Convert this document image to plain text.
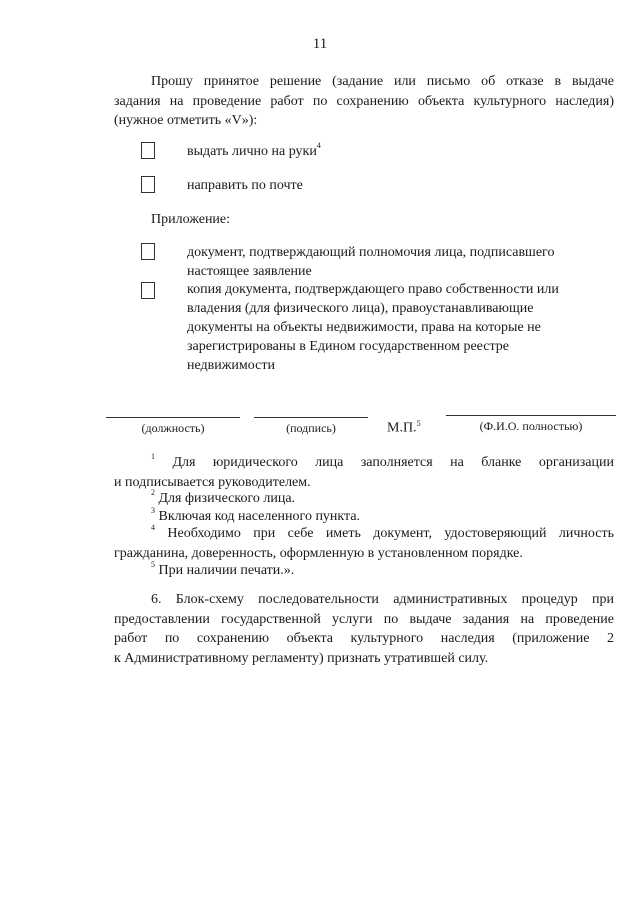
11
Прошу принятое решение (задание или письмо об отказе в выдаче
задания на проведение работ по сохранению объекта культурного наследия)
(нужное отметить «V»):
выдать лично на руки$^4$
направить по почте
Приложение:
документ, подтверждающий полномочия лица, подписавшего
настоящее заявление
копия документа, подтверждающего право собственности или
владения (для физического лица), правоустанавливающие
документы на объекты недвижимости, права на которые не
зарегистрированы в Едином государственном реестре
недвижимости
(должность)	(подпись)	М.П.$^5$	(Ф.И.О. полностью)
$^1$ Для юридического лица заполняется на бланке организации
и подписывается руководителем.
$^2$ Для физического лица.
$^3$ Включая код населенного пункта.
$^4$ Необходимо при себе иметь документ, удостоверяющий личность
гражданина, доверенность, оформленную в установленном порядке.
$^5$ При наличии печати.».
6. Блок-схему последовательности административных процедур при
предоставлении государственной услуги по выдаче задания на проведение
работ по сохранению объекта культурного наследия (приложение 2
к Административному регламенту) признать утратившей силу.
